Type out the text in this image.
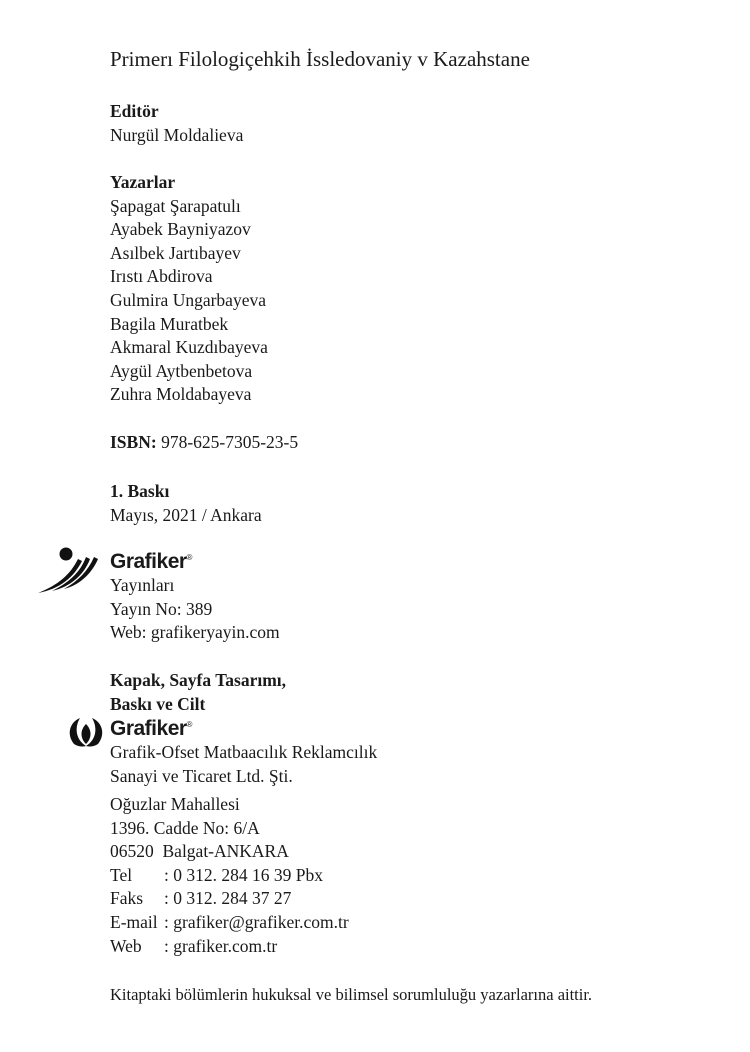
Primerı Filologiçehkih İssledovaniy v Kazahstane
Editör
Nurgül Moldalieva
Yazarlar
Şapagat Şarapatulı
Ayabek Bayniyazov
Asılbek Jartıbayev
Irıstı Abdirova
Gulmira Ungarbayeva
Bagila Muratbek
Akmaral Kuzdıbayeva
Aygül Aytbenbetova
Zuhra Moldabayeva
ISBN: 978-625-7305-23-5
1. Baskı
Mayıs, 2021 / Ankara
Yayınları
Yayın No: 389
Web: grafikeryayin.com
Kapak, Sayfa Tasarımı,
Baskı ve Cilt
Grafik-Ofset Matbaacılık Reklamcılık
Sanayi ve Ticaret Ltd. Şti.
Oğuzlar Mahallesi
1396. Cadde No: 6/A
06520  Balgat-ANKARA
Tel : 0 312. 284 16 39 Pbx
Faks : 0 312. 284 37 27
E-mail : grafiker@grafiker.com.tr
Web : grafiker.com.tr
Kitaptaki bölümlerin hukuksal ve bilimsel sorumluluğu yazarlarına aittir.
Grafiker®
Grafiker®
